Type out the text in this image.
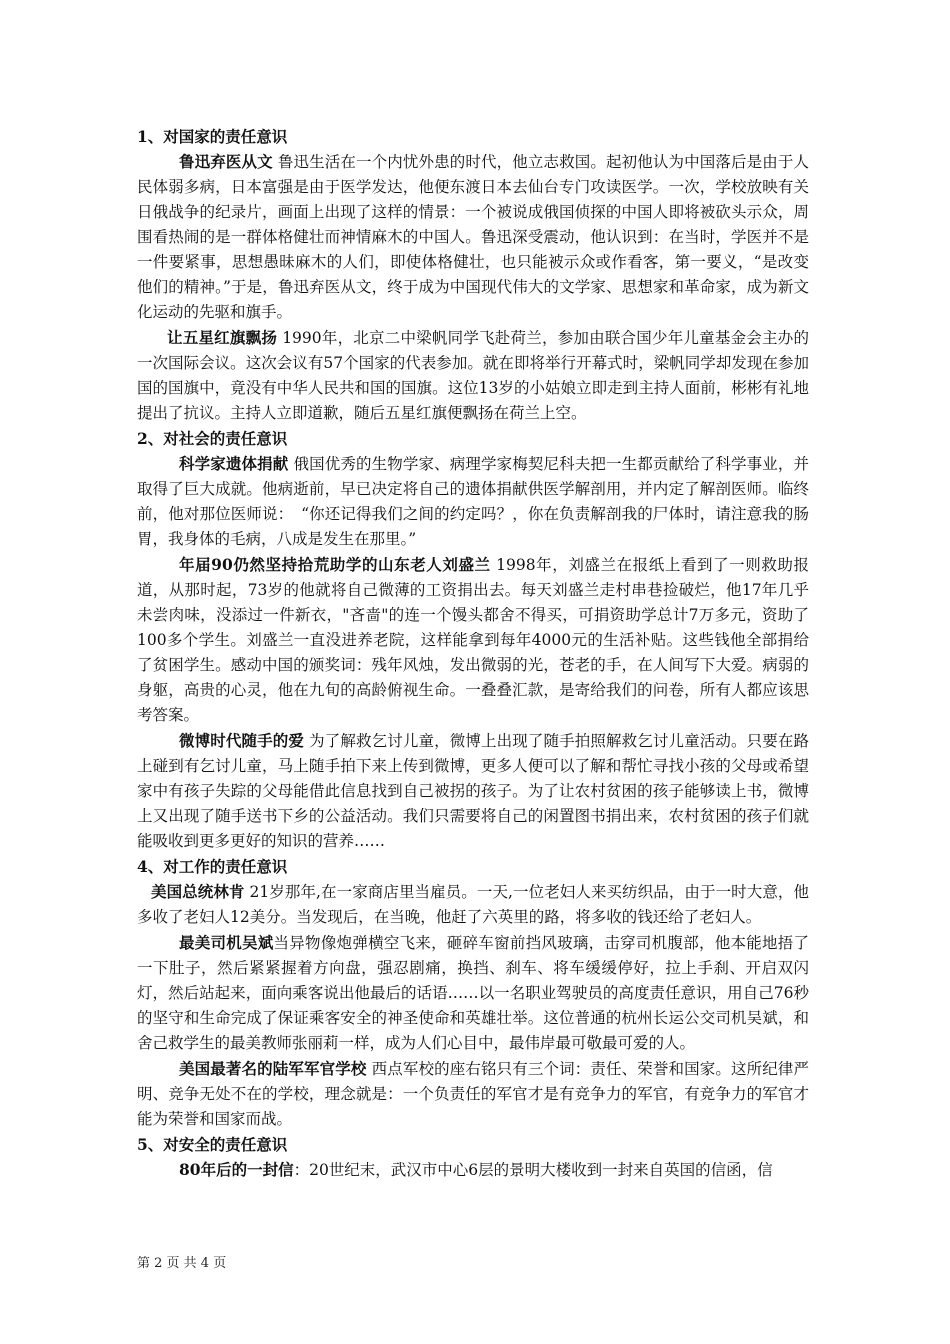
1、对国家的责任意识

鲁迅弃医从文 鲁迅生活在一个内忧外患的时代，他立志救国。起初他认为中国落后是由于人民体弱多病，日本富强是由于医学发达，他便东渡日本去仙台专门攻读医学。一次，学校放映有关日俄战争的纪录片，画面上出现了这样的情景：一个被说成俄国侦探的中国人即将被砍头示众，周围看热闹的是一群体格健壮而神情麻木的中国人。鲁迅深受震动，他认识到：在当时，学医并不是一件要紧事，思想愚昧麻木的人们，即使体格健壮，也只能被示众或作看客，第一要义，“是改变他们的精神。”于是，鲁迅弃医从文，终于成为中国现代伟大的文学家、思想家和革命家，成为新文化运动的先驱和旗手。

让五星红旗飘扬 1990年，北京二中梁帆同学飞赴荷兰，参加由联合国少年儿童基金会主办的一次国际会议。这次会议有57个国家的代表参加。就在即将举行开幕式时，梁帆同学却发现在参加国的国旗中，竟没有中华人民共和国的国旗。这位13岁的小姑娘立即走到主持人面前，彬彬有礼地提出了抗议。主持人立即道歉，随后五星红旗便飘扬在荷兰上空。

2、对社会的责任意识

科学家遗体捐献 俄国优秀的生物学家、病理学家梅契尼科夫把一生都贡献给了科学事业，并取得了巨大成就。他病逝前，早已决定将自己的遗体捐献供医学解剖用，并内定了解剖医师。临终前，他对那位医师说：　“你还记得我们之间的约定吗？，你在负责解剖我的尸体时，请注意我的肠胃，我身体的毛病，八成是发生在那里。”

年届90仍然坚持拾荒助学的山东老人刘盛兰 1998年，刘盛兰在报纸上看到了一则救助报道，从那时起，73岁的他就将自己微薄的工资捐出去。每天刘盛兰走村串巷捡破烂，他17年几乎未尝肉味，没添过一件新衣，"吝啬"的连一个馒头都舍不得买，可捐资助学总计7万多元，资助了100多个学生。刘盛兰一直没进养老院，这样能拿到每年4000元的生活补贴。这些钱他全部捐给了贫困学生。感动中国的颁奖词：残年风烛，发出微弱的光，苍老的手，在人间写下大爱。病弱的身躯，高贵的心灵，他在九旬的高龄俯视生命。一叠叠汇款，是寄给我们的问卷，所有人都应该思考答案。

微博时代随手的爱 为了解救乞讨儿童，微博上出现了随手拍照解救乞讨儿童活动。只要在路上碰到有乞讨儿童，马上随手拍下来上传到微博，更多人便可以了解和帮忙寻找小孩的父母或希望家中有孩子失踪的父母能借此信息找到自己被拐的孩子。为了让农村贫困的孩子能够读上书，微博上又出现了随手送书下乡的公益活动。我们只需要将自己的闲置图书捐出来，农村贫困的孩子们就能吸收到更多更好的知识的营养……

4、对工作的责任意识

美国总统林肯 21岁那年,在一家商店里当雇员。一天,一位老妇人来买纺织品，由于一时大意，他多收了老妇人12美分。当发现后，在当晚，他赶了六英里的路，将多收的钱还给了老妇人。

最美司机吴斌当异物像炮弹横空飞来，砸碎车窗前挡风玻璃，击穿司机腹部，他本能地捂了一下肚子，然后紧紧握着方向盘，强忍剧痛，换挡、刹车、将车缓缓停好，拉上手刹、开启双闪灯，然后站起来，面向乘客说出他最后的话语……以一名职业驾驶员的高度责任意识，用自己76秒的坚守和生命完成了保证乘客安全的神圣使命和英雄壮举。这位普通的杭州长运公交司机吴斌，和舍己救学生的最美教师张丽莉一样，成为人们心目中，最伟岸最可敬最可爱的人。

美国最著名的陆军军官学校 西点军校的座右铭只有三个词：责任、荣誉和国家。这所纪律严明、竞争无处不在的学校，理念就是：一个负责任的军官才是有竞争力的军官，有竞争力的军官才能为荣誉和国家而战。

5、对安全的责任意识

80年后的一封信：20世纪末，武汉市中心6层的景明大楼收到一封来自英国的信函，信

第 2 页 共 4 页
